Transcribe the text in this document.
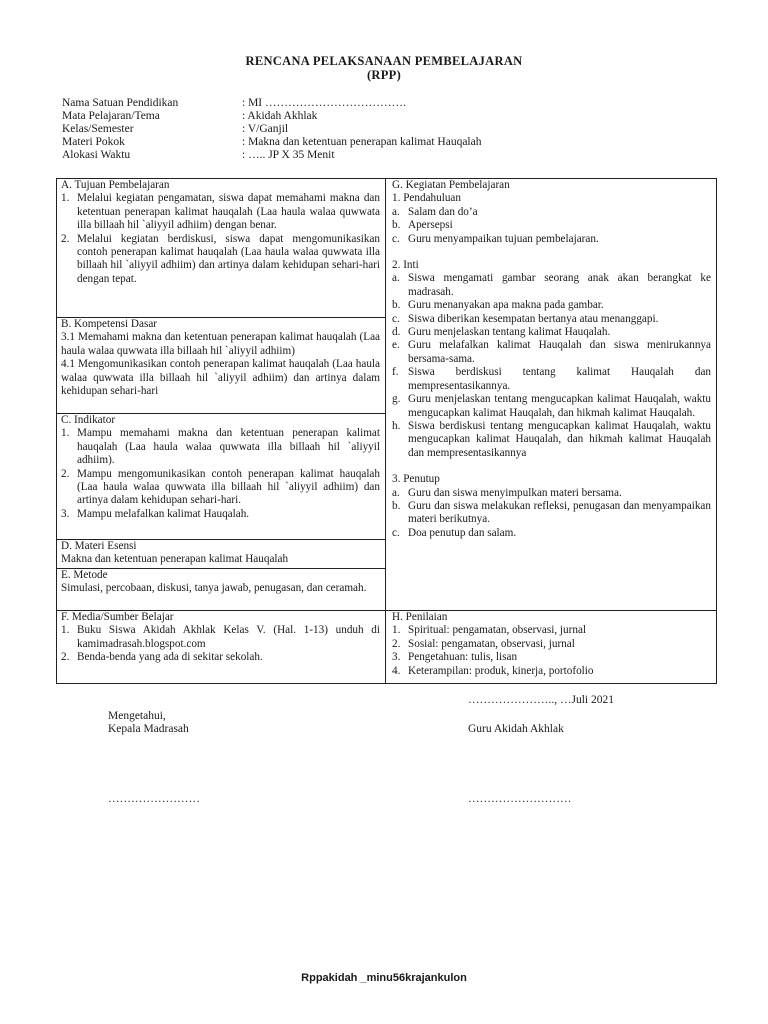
RENCANA PELAKSANAAN PEMBELAJARAN
(RPP)
Nama Satuan Pendidikan	: MI ……………………………….
Mata Pelajaran/Tema	: Akidah Akhlak
Kelas/Semester	: V/Ganjil
Materi Pokok	: Makna dan ketentuan penerapan kalimat Hauqalah
Alokasi Waktu	: ….. JP X 35 Menit
A. Tujuan Pembelajaran
1. Melalui kegiatan pengamatan, siswa dapat memahami makna dan ketentuan penerapan kalimat hauqalah (Laa haula walaa quwwata illa billaah hil `aliyyil adhiim) dengan benar.
2. Melalui kegiatan berdiskusi, siswa dapat mengomunikasikan contoh penerapan kalimat hauqalah (Laa haula walaa quwwata illa billaah hil `aliyyil adhiim) dan artinya dalam kehidupan sehari-hari dengan tepat.
B. Kompetensi Dasar
3.1 Memahami makna dan ketentuan penerapan kalimat hauqalah (Laa haula walaa quwwata illa billaah hil `aliyyil adhiim)
4.1 Mengomunikasikan contoh penerapan kalimat hauqalah (Laa haula walaa quwwata illa billaah hil `aliyyil adhiim) dan artinya dalam kehidupan sehari-hari
C. Indikator
1. Mampu memahami makna dan ketentuan penerapan kalimat hauqalah (Laa haula walaa quwwata illa billaah hil `aliyyil adhiim).
2. Mampu mengomunikasikan contoh penerapan kalimat hauqalah (Laa haula walaa quwwata illa billaah hil `aliyyil adhiim) dan artinya dalam kehidupan sehari-hari.
3. Mampu melafalkan kalimat Hauqalah.
D. Materi Esensi
Makna dan ketentuan penerapan kalimat Hauqalah
E. Metode
Simulasi, percobaan, diskusi, tanya jawab, penugasan, dan ceramah.
F. Media/Sumber Belajar
1. Buku Siswa Akidah Akhlak Kelas V. (Hal. 1-13) unduh di kamimadrasah.blogspot.com
2. Benda-benda yang ada di sekitar sekolah.
G. Kegiatan Pembelajaran
1. Pendahuluan
a. Salam dan do’a
b. Apersepsi
c. Guru menyampaikan tujuan pembelajaran.
2. Inti
a. Siswa mengamati gambar seorang anak akan berangkat ke madrasah.
b. Guru menanyakan apa makna pada gambar.
c. Siswa diberikan kesempatan bertanya atau menanggapi.
d. Guru menjelaskan tentang kalimat Hauqalah.
e. Guru melafalkan kalimat Hauqalah dan siswa menirukannya bersama-sama.
f. Siswa berdiskusi tentang kalimat Hauqalah dan mempresentasikannya.
g. Guru menjelaskan tentang mengucapkan kalimat Hauqalah, waktu mengucapkan kalimat Hauqalah, dan hikmah kalimat Hauqalah.
h. Siswa berdiskusi tentang mengucapkan kalimat Hauqalah, waktu mengucapkan kalimat Hauqalah, dan hikmah kalimat Hauqalah dan mempresentasikannya
3. Penutup
a. Guru dan siswa menyimpulkan materi bersama.
b. Guru dan siswa melakukan refleksi, penugasan dan menyampaikan materi berikutnya.
c. Doa penutup dan salam.
H. Penilaian
1. Spiritual: pengamatan, observasi, jurnal
2. Sosial: pengamatan, observasi, jurnal
3. Pengetahuan: tulis, lisan
4. Keterampilan: produk, kinerja, portofolio
………………….., …Juli 2021
Mengetahui,
Kepala Madrasah	Guru Akidah Akhlak
……………………	………………………
Rppakidah _minu56krajankulon
